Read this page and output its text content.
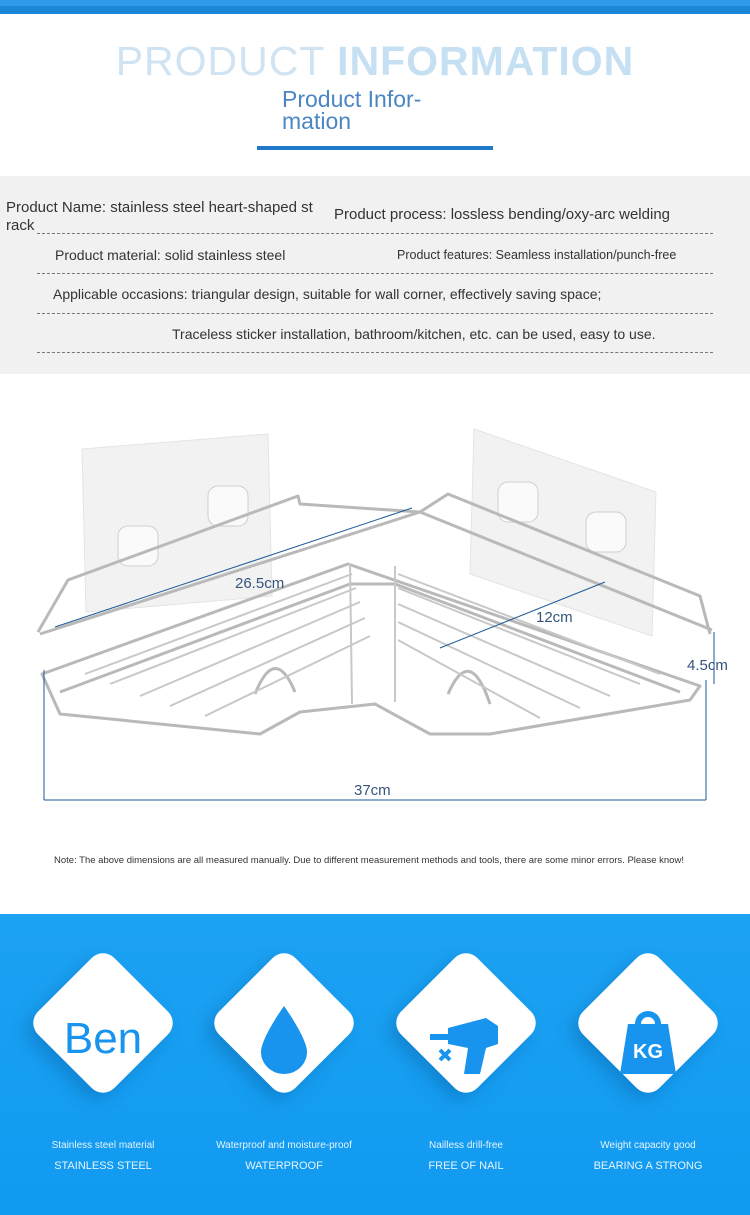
PRODUCT INFORMATION
Product Infor-
mation
Product Name: stainless steel heart-shaped st
rack
Product process: lossless bending/oxy-arc welding
Product material: solid stainless steel	Product features: Seamless installation/punch-free
Applicable occasions: triangular design, suitable for wall corner, effectively saving space;
Traceless sticker installation, bathroom/kitchen, etc. can be used, easy to use.
26.5cm
12cm
4.5cm
37cm
Note: The above dimensions are all measured manually. Due to different measurement methods and tools, there are some minor errors. Please know!
Ben
Stainless steel material
STAINLESS STEEL
Waterproof and moisture-proof
WATERPROOF
Nailless drill-free
FREE OF NAIL
KG
Weight capacity good
BEARING A STRONG
